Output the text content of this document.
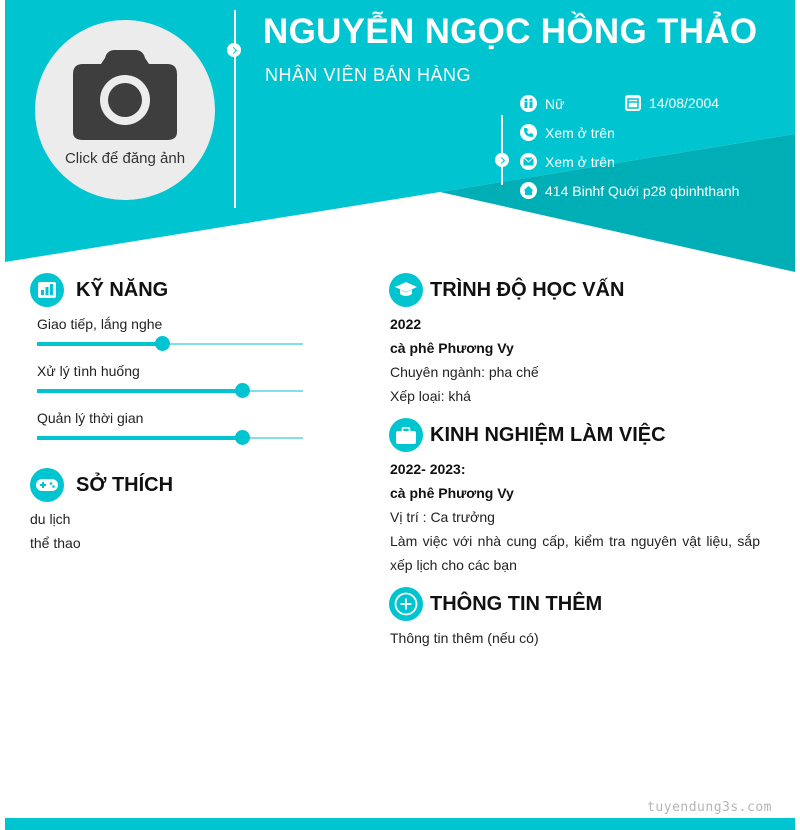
Click để đăng ảnh
NGUYỄN NGỌC HỒNG THẢO
NHÂN VIÊN BÁN HÀNG
Nữ	14/08/2004
Xem ở trên
Xem ở trên
414 Binhf Quới p28 qbinhthanh
KỸ NĂNG
Giao tiếp, lắng nghe
Xử lý tình huống
Quản lý thời gian
SỞ THÍCH
du lịch
thể thao
TRÌNH ĐỘ HỌC VẤN
2022
cà phê Phương Vy
Chuyên ngành: pha chế
Xếp loại: khá
KINH NGHIỆM LÀM VIỆC
2022- 2023:
cà phê Phương Vy
Vị trí : Ca trưởng
Làm việc với nhà cung cấp, kiểm tra nguyên vật liệu, sắp xếp lịch cho các bạn
THÔNG TIN THÊM
Thông tin thêm (nếu có)
tuyendung3s.com
